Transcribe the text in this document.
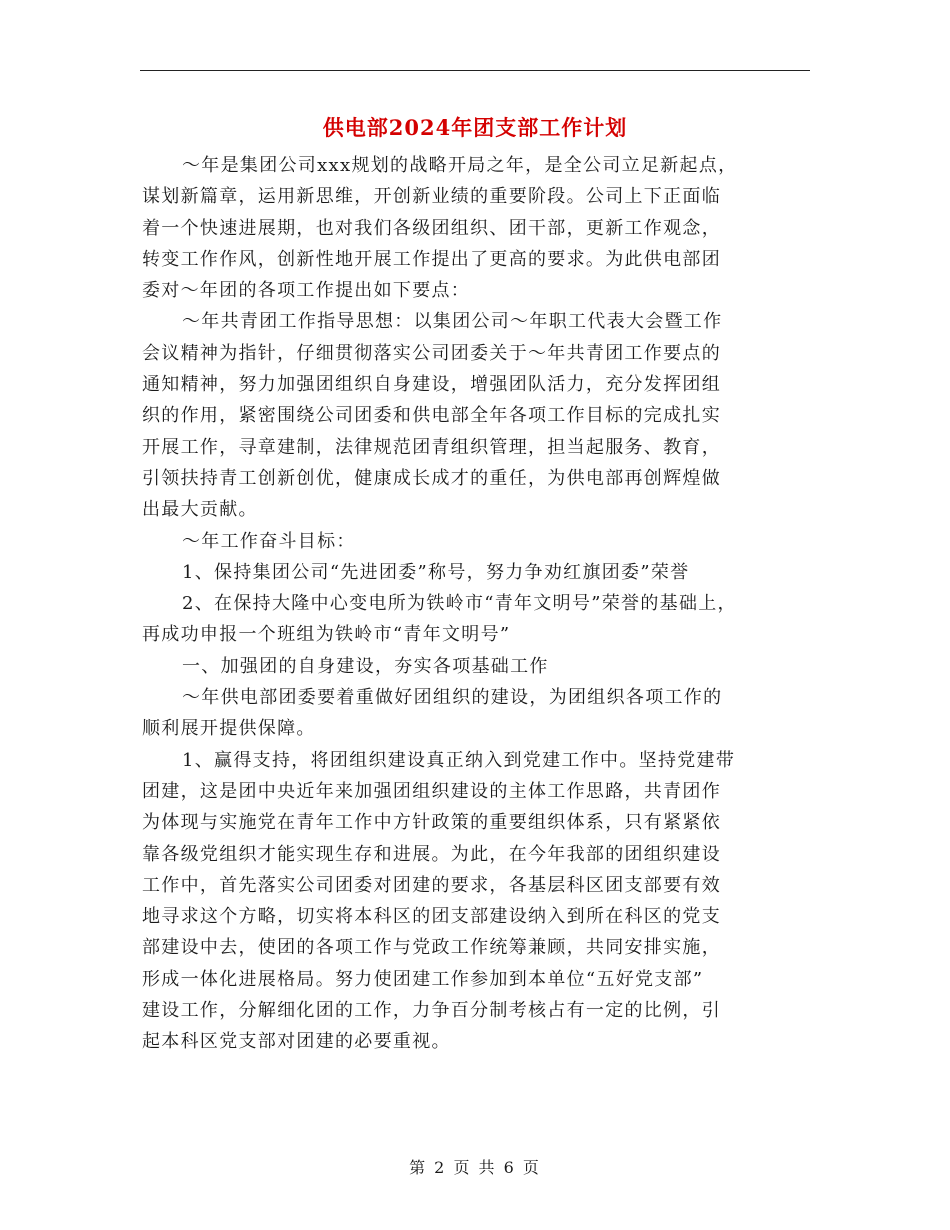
供电部2024年团支部工作计划
～年是集团公司xxx规划的战略开局之年，是全公司立足新起点，
谋划新篇章，运用新思维，开创新业绩的重要阶段。公司上下正面临
着一个快速进展期，也对我们各级团组织、团干部，更新工作观念，
转变工作作风，创新性地开展工作提出了更高的要求。为此供电部团
委对～年团的各项工作提出如下要点：
～年共青团工作指导思想：以集团公司～年职工代表大会暨工作
会议精神为指针，仔细贯彻落实公司团委关于～年共青团工作要点的
通知精神，努力加强团组织自身建设，增强团队活力，充分发挥团组
织的作用，紧密围绕公司团委和供电部全年各项工作目标的完成扎实
开展工作，寻章建制，法律规范团青组织管理，担当起服务、教育，
引领扶持青工创新创优，健康成长成才的重任，为供电部再创辉煌做
出最大贡献。
～年工作奋斗目标：
1、保持集团公司“先进团委”称号，努力争劝红旗团委”荣誉
2、在保持大隆中心变电所为铁岭市“青年文明号”荣誉的基础上，
再成功申报一个班组为铁岭市“青年文明号”
一、加强团的自身建设，夯实各项基础工作
～年供电部团委要着重做好团组织的建设，为团组织各项工作的
顺利展开提供保障。
1、赢得支持，将团组织建设真正纳入到党建工作中。坚持党建带
团建，这是团中央近年来加强团组织建设的主体工作思路，共青团作
为体现与实施党在青年工作中方针政策的重要组织体系，只有紧紧依
靠各级党组织才能实现生存和进展。为此，在今年我部的团组织建设
工作中，首先落实公司团委对团建的要求，各基层科区团支部要有效
地寻求这个方略，切实将本科区的团支部建设纳入到所在科区的党支
部建设中去，使团的各项工作与党政工作统筹兼顾，共同安排实施，
形成一体化进展格局。努力使团建工作参加到本单位“五好党支部”
建设工作，分解细化团的工作，力争百分制考核占有一定的比例，引
起本科区党支部对团建的必要重视。
第 2 页 共 6 页
